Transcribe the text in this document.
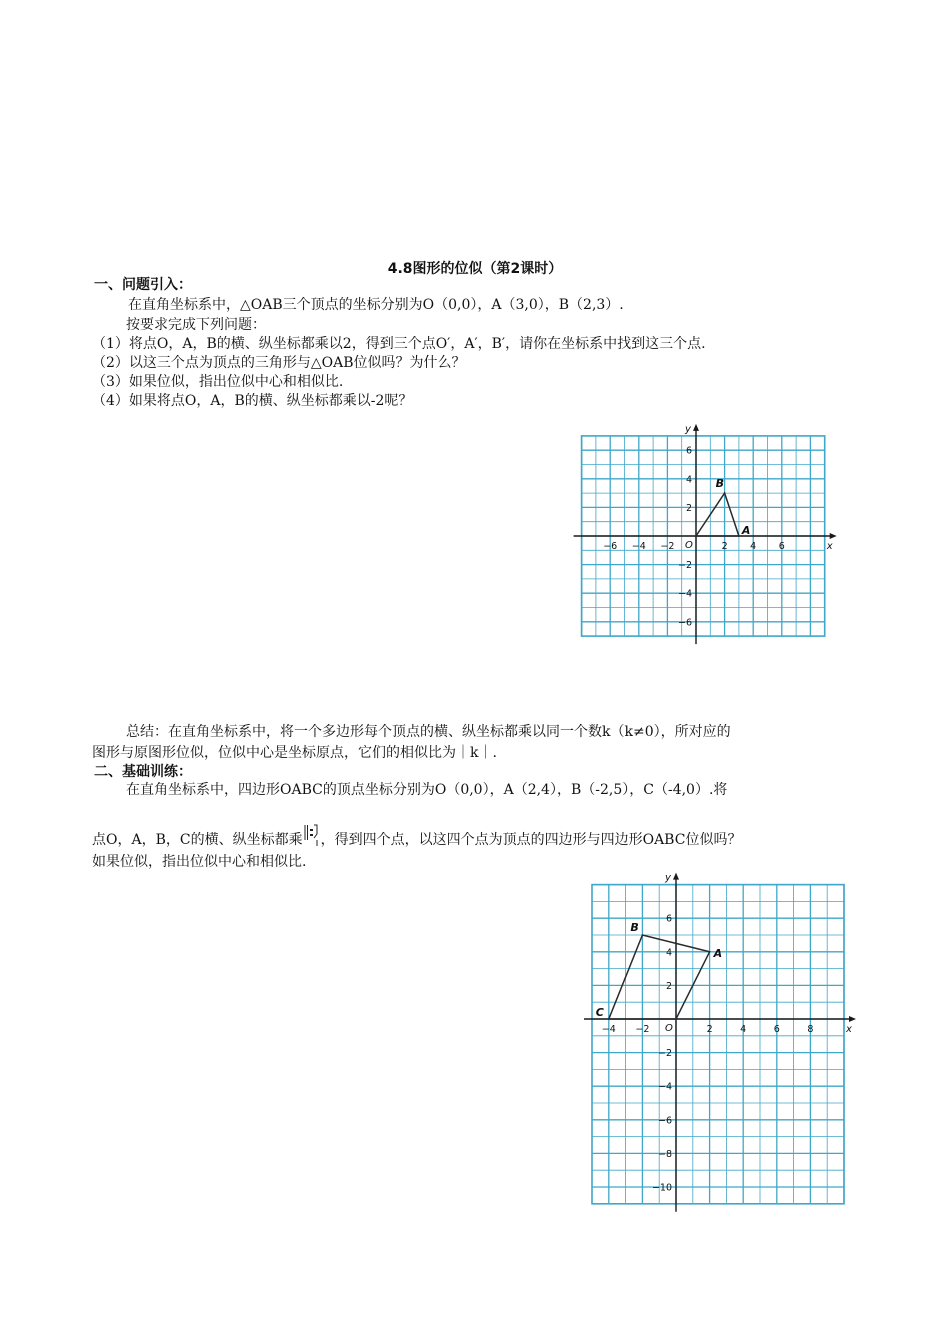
4.8图形的位似（第2课时）
一、问题引入：
在直角坐标系中，△OAB三个顶点的坐标分别为O（0,0），A（3,0），B（2,3）.
按要求完成下列问题：
（1）将点O，A，B的横、纵坐标都乘以2，得到三个点O′，A′，B′，请你在坐标系中找到这三个点.
（2）以这三个点为顶点的三角形与△OAB位似吗？为什么？
（3）如果位似，指出位似中心和相似比.
（4）如果将点O，A，B的横、纵坐标都乘以-2呢？
x
y
O
−6 −4 −2	2 4 6
6
4
2
−2
−4
−6
A
B
总结：在直角坐标系中，将一个多边形每个顶点的横、纵坐标都乘以同一个数k（k≠0），所对应的
图形与原图形位似，位似中心是坐标原点，它们的相似比为｜k｜.
二、基础训练：
在直角坐标系中，四边形OABC的顶点坐标分别为O（0,0），A（2,4），B（-2,5），C（-4,0）.将
点O，A，B，C的横、纵坐标都乘 ，得到四个点，以这四个点为顶点的四边形与四边形OABC位似吗？
如果位似，指出位似中心和相似比.
x
y
O
−4 −2	2	4	6	8
6
4
2
−2
−4
−6
−8
−10
A
B
C
